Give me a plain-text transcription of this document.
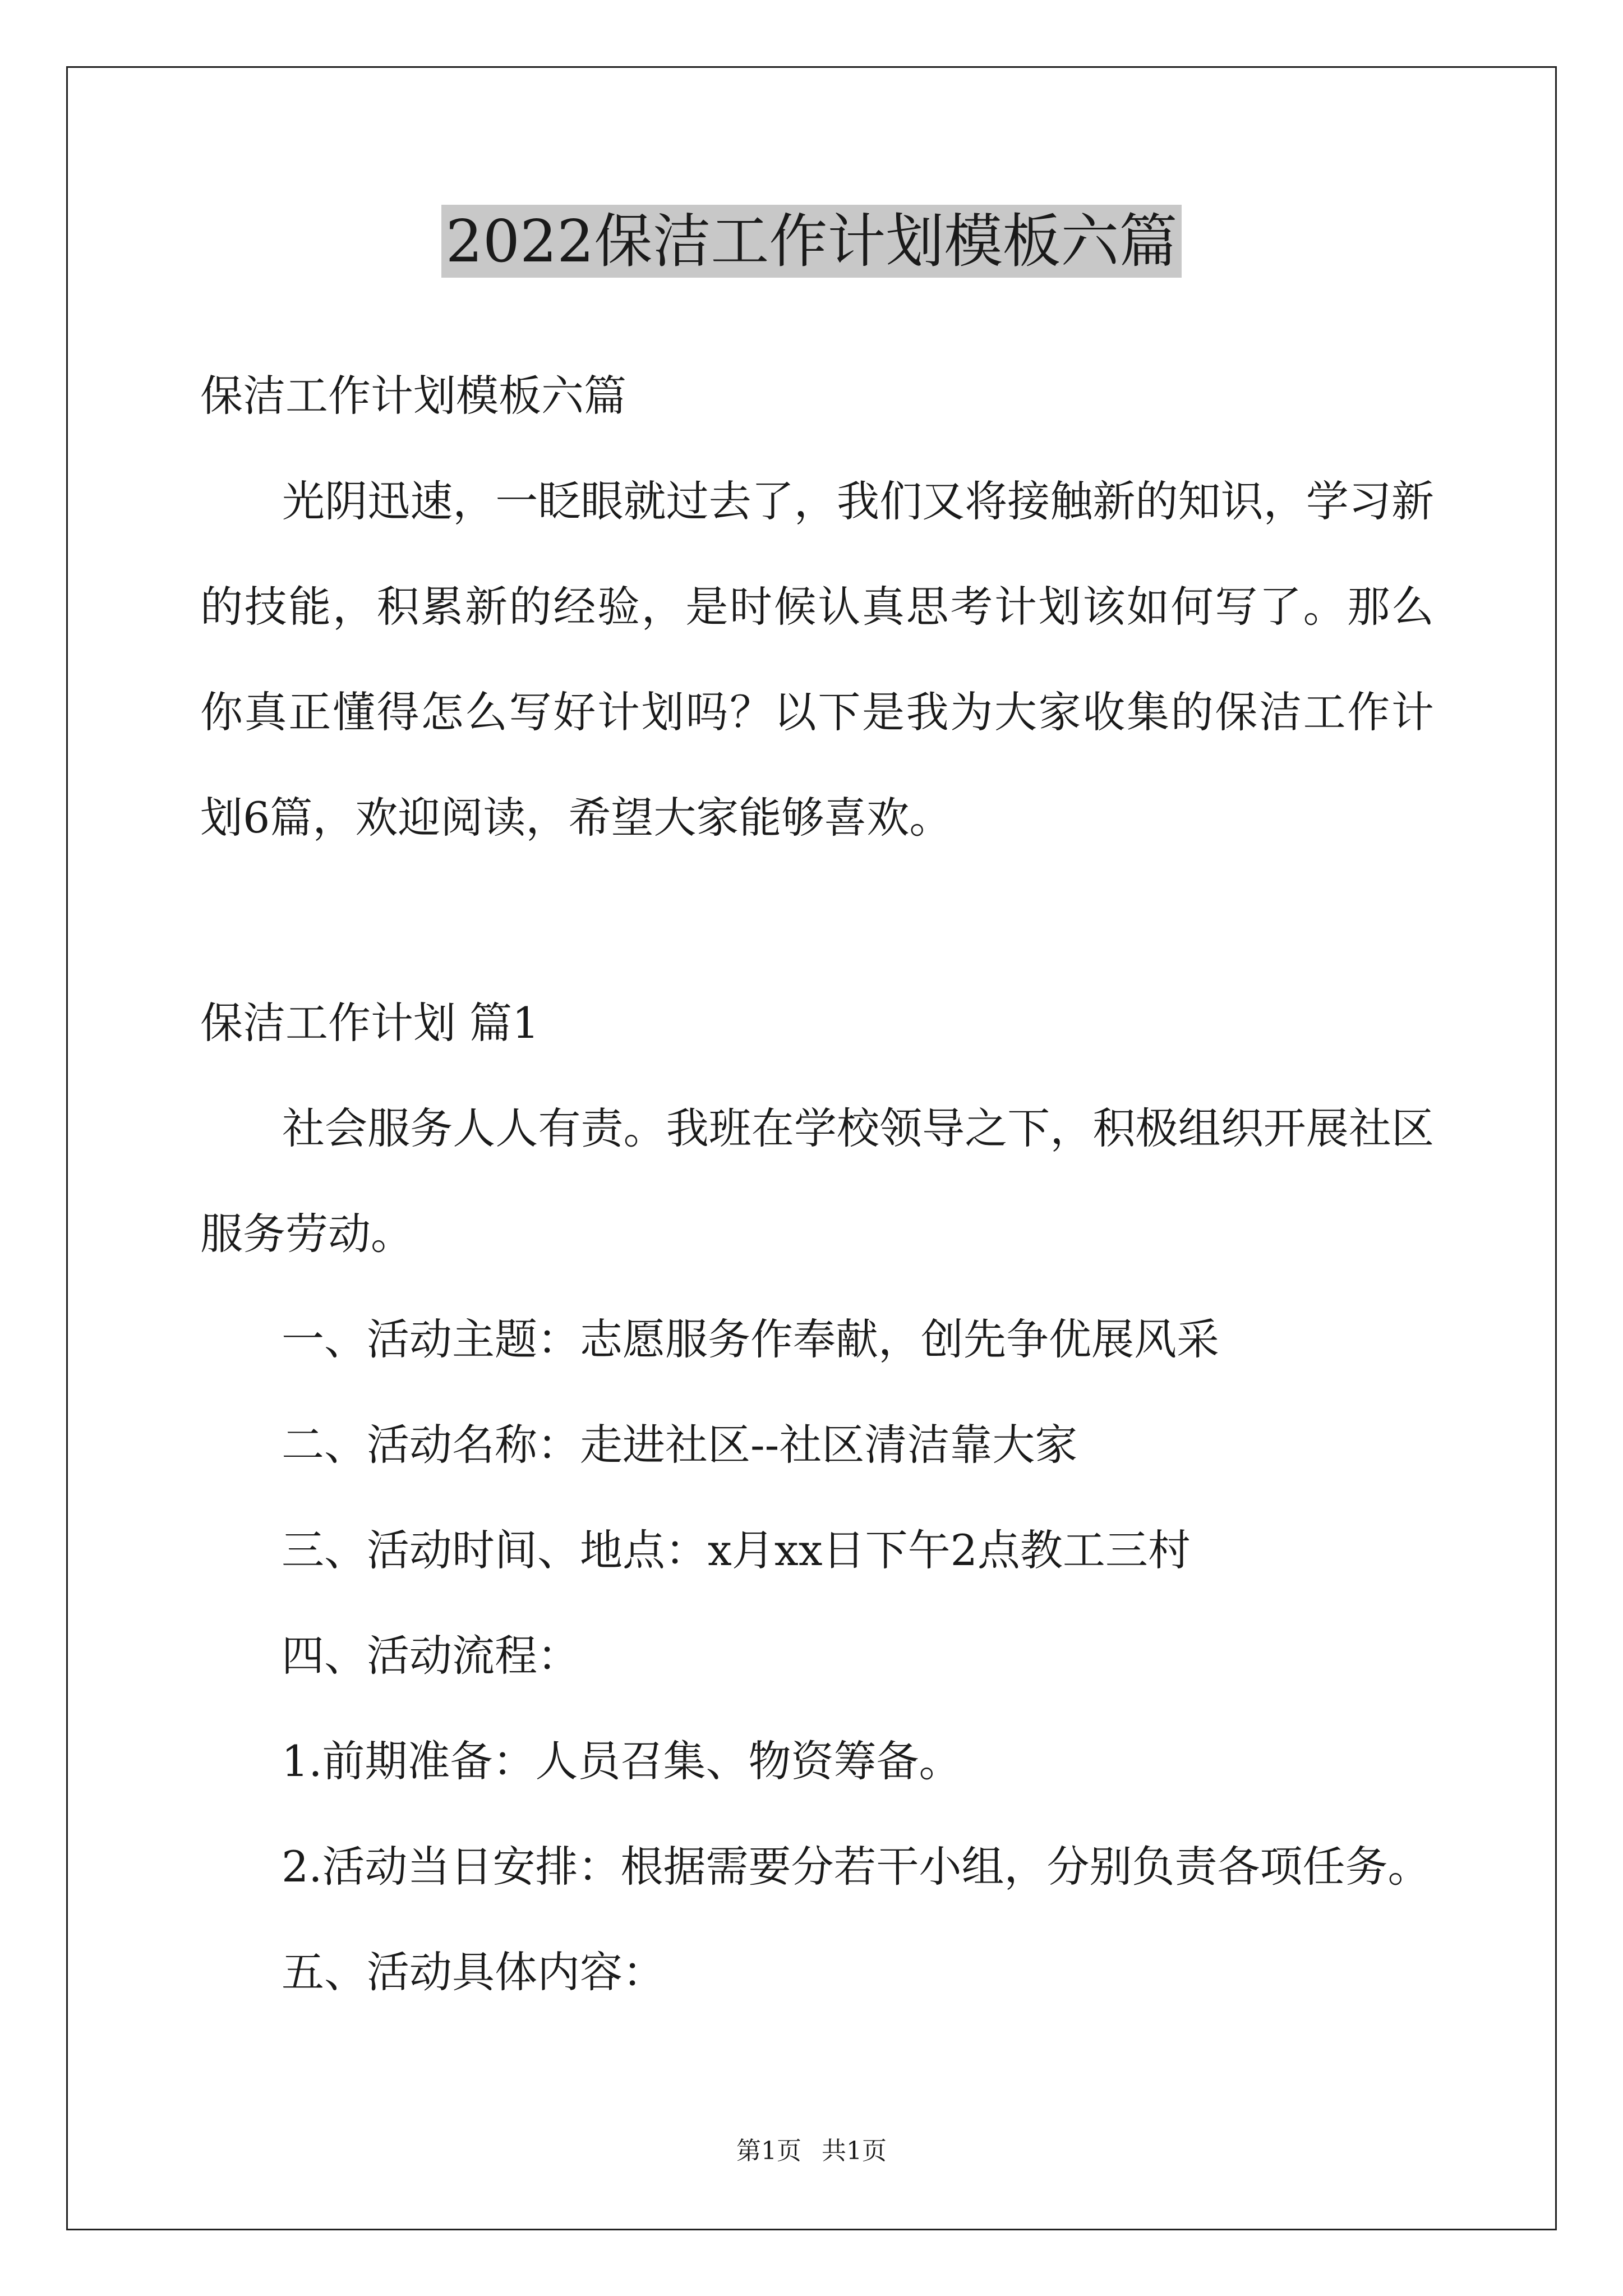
2022保洁工作计划模板六篇

保洁工作计划模板六篇

光阴迅速，一眨眼就过去了，我们又将接触新的知识，学习新的技能，积累新的经验，是时候认真思考计划该如何写了。那么你真正懂得怎么写好计划吗？以下是我为大家收集的保洁工作计划6篇，欢迎阅读，希望大家能够喜欢。

保洁工作计划 篇1

社会服务人人有责。我班在学校领导之下，积极组织开展社区服务劳动。

一、活动主题：志愿服务作奉献，创先争优展风采

二、活动名称：走进社区--社区清洁靠大家

三、活动时间、地点：x月xx日下午2点教工三村

四、活动流程：

1.前期准备：人员召集、物资筹备。

2.活动当日安排：根据需要分若干小组，分别负责各项任务。

五、活动具体内容：

第1页 共1页
